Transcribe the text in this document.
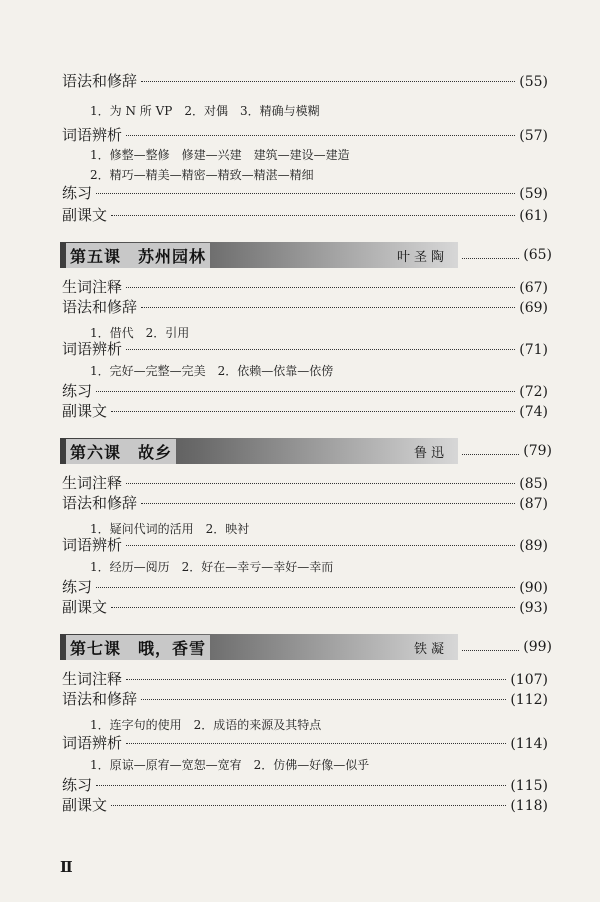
语法和修辞	(55)
1．为 N 所 VP　2．对偶　3．精确与模糊
词语辨析	(57)
1．修整—整修　修建—兴建　建筑—建设—建造
2．精巧—精美—精密—精致—精湛—精细
练习	(59)
副课文	(61)
第五课　苏州园林	叶圣陶	(65)
生词注释	(67)
语法和修辞	(69)
1．借代　2．引用
词语辨析	(71)
1．完好—完整—完美　2．依赖—依靠—依傍
练习	(72)
副课文	(74)
第六课　故乡	鲁迅	(79)
生词注释	(85)
语法和修辞	(87)
1．疑问代词的活用　2．映衬
词语辨析	(89)
1．经历—阅历　2．好在—幸亏—幸好—幸而
练习	(90)
副课文	(93)
第七课　哦，香雪	铁凝	(99)
生词注释	(107)
语法和修辞	(112)
1．连字句的使用　2．成语的来源及其特点
词语辨析	(114)
1．原谅—原宥—宽恕—宽宥　2．仿佛—好像—似乎
练习	(115)
副课文	(118)
Ⅱ
